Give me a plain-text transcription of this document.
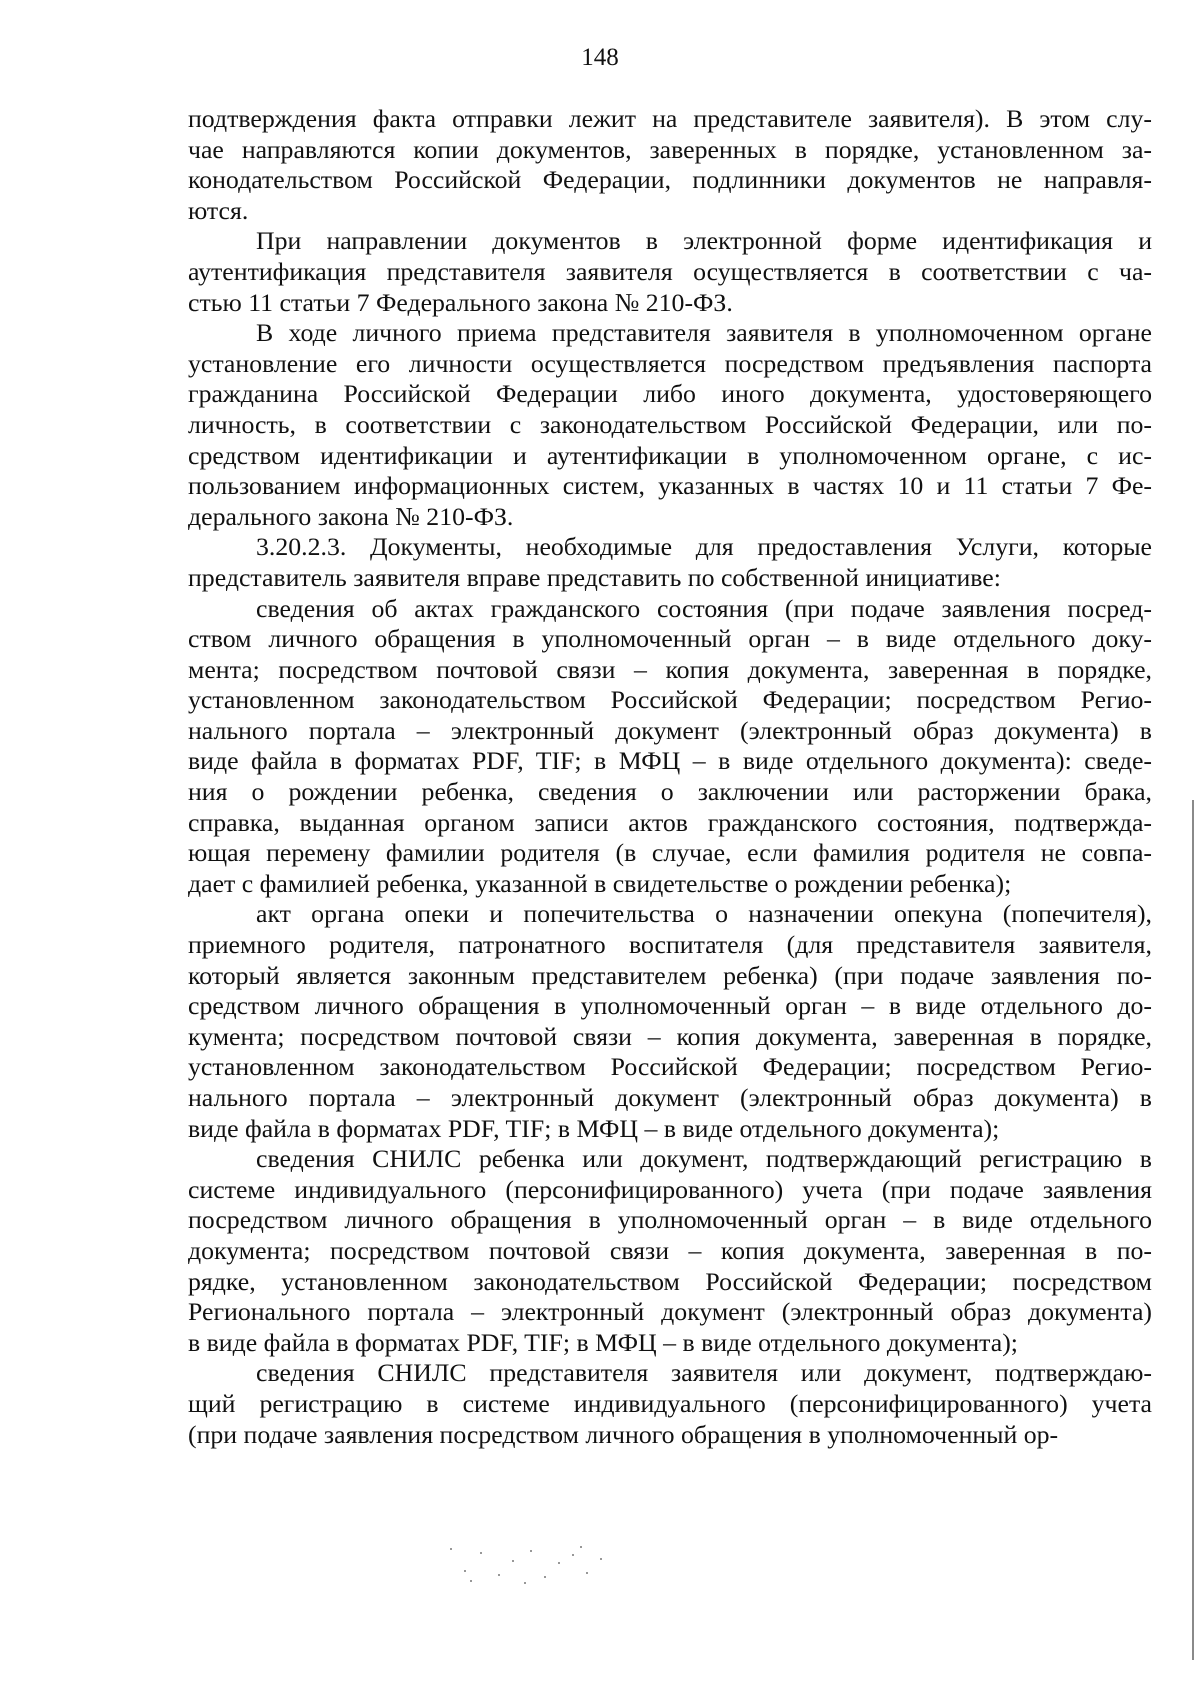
148
подтверждения факта отправки лежит на представителе заявителя). В этом слу-
чае направляются копии документов, заверенных в порядке, установленном за-
конодательством Российской Федерации, подлинники документов не направля-
ются.
При направлении документов в электронной форме идентификация и
аутентификация представителя заявителя осуществляется в соответствии с ча-
стью 11 статьи 7 Федерального закона № 210-ФЗ.
В ходе личного приема представителя заявителя в уполномоченном органе
установление его личности осуществляется посредством предъявления паспорта
гражданина Российской Федерации либо иного документа, удостоверяющего
личность, в соответствии с законодательством Российской Федерации, или по-
средством идентификации и аутентификации в уполномоченном органе, с ис-
пользованием информационных систем, указанных в частях 10 и 11 статьи 7 Фе-
дерального закона № 210-ФЗ.
3.20.2.3. Документы, необходимые для предоставления Услуги, которые
представитель заявителя вправе представить по собственной инициативе:
сведения об актах гражданского состояния (при подаче заявления посред-
ством личного обращения в уполномоченный орган – в виде отдельного доку-
мента; посредством почтовой связи – копия документа, заверенная в порядке,
установленном законодательством Российской Федерации; посредством Регио-
нального портала – электронный документ (электронный образ документа) в
виде файла в форматах PDF, TIF; в МФЦ – в виде отдельного документа): сведе-
ния о рождении ребенка, сведения о заключении или расторжении брака,
справка, выданная органом записи актов гражданского состояния, подтвержда-
ющая перемену фамилии родителя (в случае, если фамилия родителя не совпа-
дает с фамилией ребенка, указанной в свидетельстве о рождении ребенка);
акт органа опеки и попечительства о назначении опекуна (попечителя),
приемного родителя, патронатного воспитателя (для представителя заявителя,
который является законным представителем ребенка) (при подаче заявления по-
средством личного обращения в уполномоченный орган – в виде отдельного до-
кумента; посредством почтовой связи – копия документа, заверенная в порядке,
установленном законодательством Российской Федерации; посредством Регио-
нального портала – электронный документ (электронный образ документа) в
виде файла в форматах PDF, TIF; в МФЦ – в виде отдельного документа);
сведения СНИЛС ребенка или документ, подтверждающий регистрацию в
системе индивидуального (персонифицированного) учета (при подаче заявления
посредством личного обращения в уполномоченный орган – в виде отдельного
документа; посредством почтовой связи – копия документа, заверенная в по-
рядке, установленном законодательством Российской Федерации; посредством
Регионального портала – электронный документ (электронный образ документа)
в виде файла в форматах PDF, TIF; в МФЦ – в виде отдельного документа);
сведения СНИЛС представителя заявителя или документ, подтверждаю-
щий регистрацию в системе индивидуального (персонифицированного) учета
(при подаче заявления посредством личного обращения в уполномоченный ор-
